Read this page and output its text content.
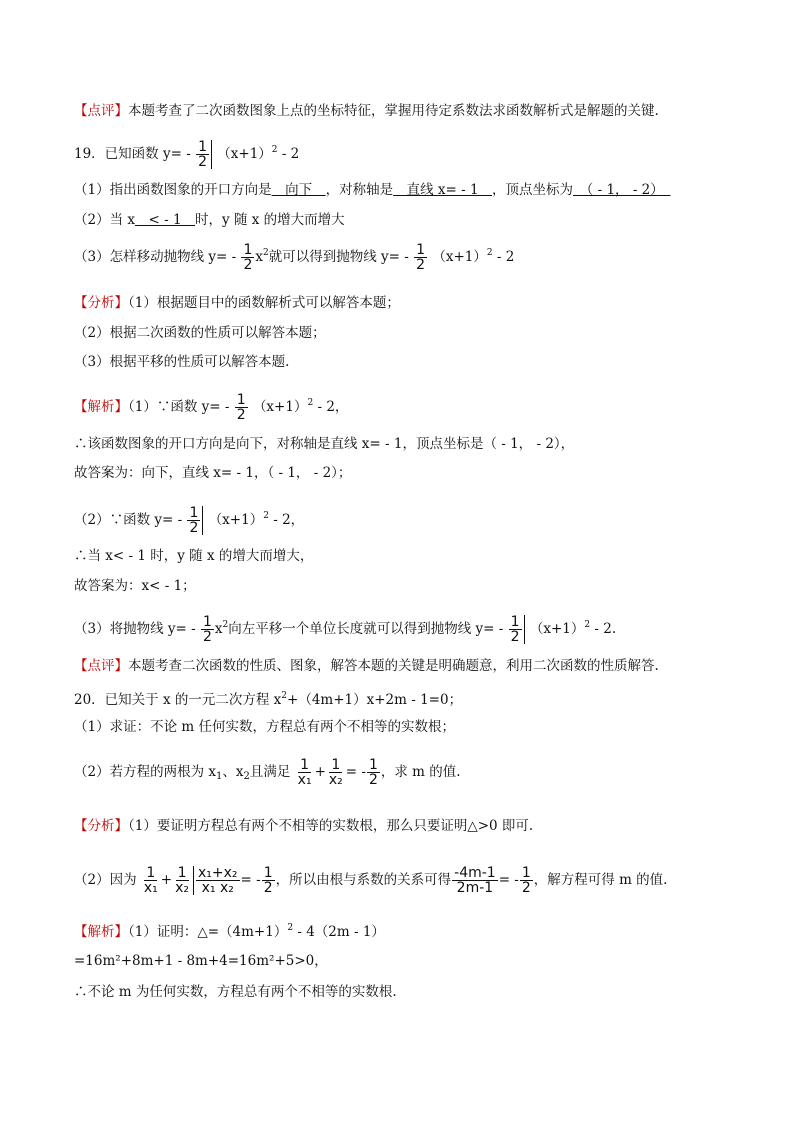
【点评】本题考查了二次函数图象上点的坐标特征，掌握用待定系数法求函数解析式是解题的关键.
19．已知函数 $y= - \frac{1}{2} (x+1)^2 - 2$
（1）指出函数图象的开口方向是　向下　，对称轴是　直线 x= - 1　，顶点坐标为　（ - 1， - 2）　
（2）当 x　< - 1　时，y 随 x 的增大而增大
（3）怎样移动抛物线 $y= - \frac{1}{2} x^2$就可以得到抛物线 $y= - \frac{1}{2} (x+1)^2 - 2$
【分析】（1）根据题目中的函数解析式可以解答本题；
（2）根据二次函数的性质可以解答本题；
（3）根据平移的性质可以解答本题.
【解析】（1）∵函数 $y= - \frac{1}{2} (x+1)^2 - 2$，
∴该函数图象的开口方向是向下，对称轴是直线 x= - 1，顶点坐标是（ - 1， - 2），
故答案为：向下，直线 x= - 1，（ - 1， - 2）；
（2）∵函数 $y= - \frac{1}{2} (x+1)^2 - 2$，
∴当 x< - 1 时，y 随 x 的增大而增大，
故答案为：x< - 1；
（3）将抛物线 $y= - \frac{1}{2} x^2$向左平移一个单位长度就可以得到抛物线 $y= - \frac{1}{2} (x+1)^2 - 2$.
【点评】本题考查二次函数的性质、图象，解答本题的关键是明确题意，利用二次函数的性质解答.
20．已知关于 x 的一元二次方程 $x^2+(4m+1)x+2m - 1=0$；
（1）求证：不论 m 任何实数，方程总有两个不相等的实数根；
（2）若方程的两根为 $x_1$、$x_2$且满足 $\frac{1}{\text{x₁}} + \frac{1}{\text{x₂}}$ = - $\frac{1}{2}$ ，求 m 的值.
【分析】（1）要证明方程总有两个不相等的实数根，那么只要证明△>0 即可.
（2）因为 $\frac{1}{\text{x₁}} + \frac{1}{\text{x₂}} \frac{\text{x₁+x₂}}{\text{x₁ x₂}}$ = - $\frac{1}{2}$ ，所以由根与系数的关系可得 $\frac{-4m-1}{2m-1}$ = - $\frac{1}{2}$ ，解方程可得 m 的值.
【解析】（1）证明：$\triangle=(4m+1)^2 - 4(2m - 1)$
=16m²+8m+1 - 8m+4=16m²+5>0，
∴不论 m 为任何实数，方程总有两个不相等的实数根.
